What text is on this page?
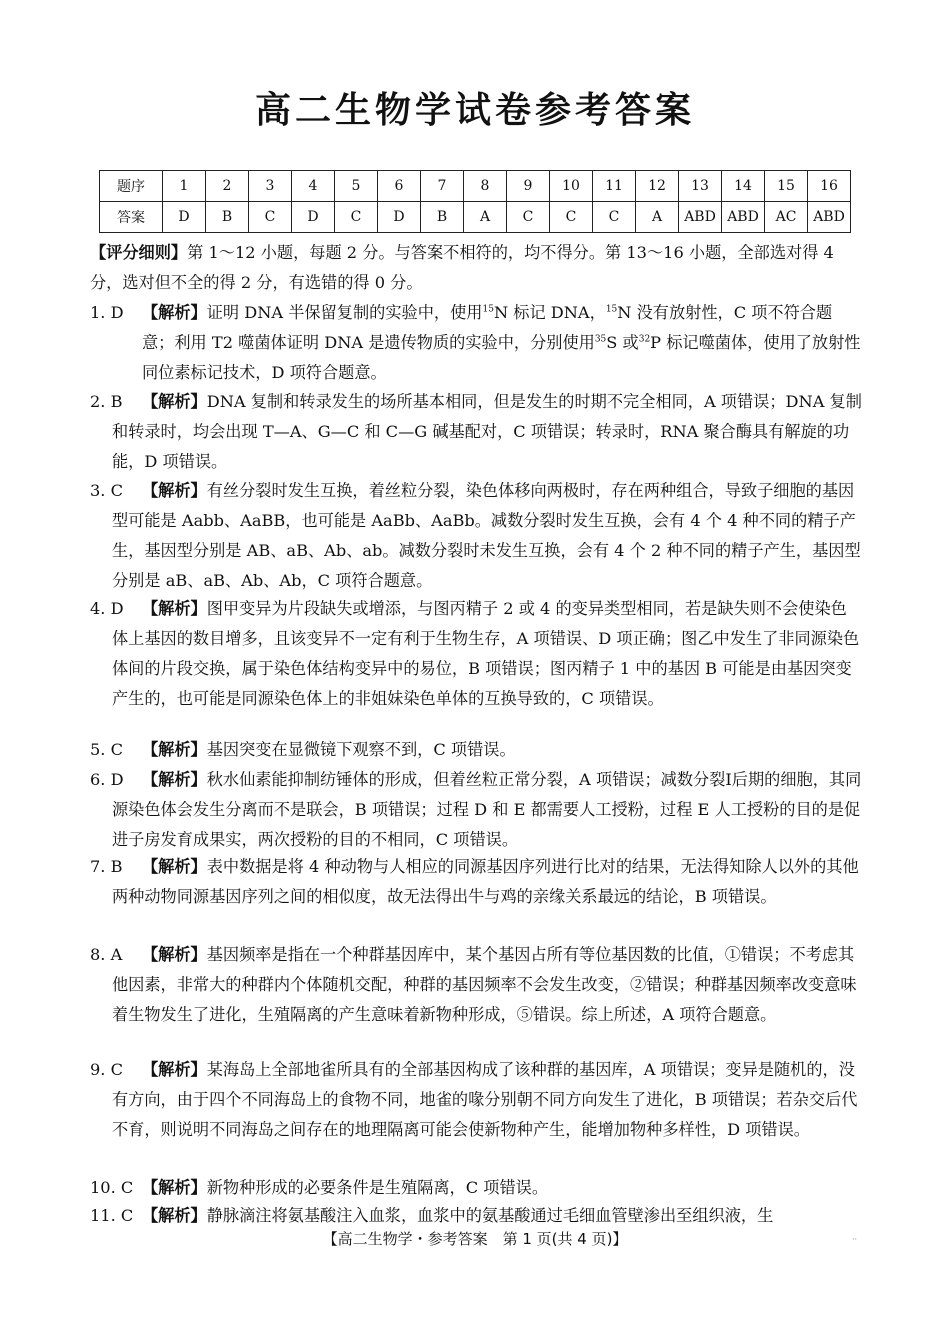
高二生物学试卷参考答案
题序	1	2	3	4	5	6	7	8	9	10	11	12	13	14	15	16
答案	D	B	C	D	C	D	B	A	C	C	C	A	ABD	ABD	AC	ABD
【评分细则】第 1～12 小题，每题 2 分。与答案不相符的，均不得分。第 13～16 小题，全部选对得 4 分，选对但不全的得 2 分，有选错的得 0 分。
1. D	【解析】证明 DNA 半保留复制的实验中，使用$^{15}$N 标记 DNA，$^{15}$N 没有放射性，C 项不符合题意；利用 T2 噬菌体证明 DNA 是遗传物质的实验中，分别使用$^{35}$S 或$^{32}$P 标记噬菌体，使用了放射性同位素标记技术，D 项符合题意。
2. B	【解析】DNA 复制和转录发生的场所基本相同，但是发生的时期不完全相同，A 项错误；DNA 复制和转录时，均会出现 T—A、G—C 和 C—G 碱基配对，C 项错误；转录时，RNA 聚合酶具有解旋的功能，D 项错误。
3. C	【解析】有丝分裂时发生互换，着丝粒分裂，染色体移向两极时，存在两种组合，导致子细胞的基因型可能是 Aabb、AaBB，也可能是 AaBb、AaBb。减数分裂时发生互换，会有 4 个 4 种不同的精子产生，基因型分别是 AB、aB、Ab、ab。减数分裂时未发生互换，会有 4 个 2 种不同的精子产生，基因型分别是 aB、aB、Ab、Ab，C 项符合题意。
4. D	【解析】图甲变异为片段缺失或增添，与图丙精子 2 或 4 的变异类型相同，若是缺失则不会使染色体上基因的数目增多，且该变异不一定有利于生物生存，A 项错误、D 项正确；图乙中发生了非同源染色体间的片段交换，属于染色体结构变异中的易位，B 项错误；图丙精子 1 中的基因 B 可能是由基因突变产生的，也可能是同源染色体上的非姐妹染色单体的互换导致的，C 项错误。
5. C	【解析】基因突变在显微镜下观察不到，C 项错误。
6. D	【解析】秋水仙素能抑制纺锤体的形成，但着丝粒正常分裂，A 项错误；减数分裂Ⅰ后期的细胞，其同源染色体会发生分离而不是联会，B 项错误；过程 D 和 E 都需要人工授粉，过程 E 人工授粉的目的是促进子房发育成果实，两次授粉的目的不相同，C 项错误。
7. B	【解析】表中数据是将 4 种动物与人相应的同源基因序列进行比对的结果，无法得知除人以外的其他两种动物同源基因序列之间的相似度，故无法得出牛与鸡的亲缘关系最远的结论，B 项错误。
8. A	【解析】基因频率是指在一个种群基因库中，某个基因占所有等位基因数的比值，①错误；不考虑其他因素，非常大的种群内个体随机交配，种群的基因频率不会发生改变，②错误；种群基因频率改变意味着生物发生了进化，生殖隔离的产生意味着新物种形成，⑤错误。综上所述，A 项符合题意。
9. C	【解析】某海岛上全部地雀所具有的全部基因构成了该种群的基因库，A 项错误；变异是随机的，没有方向，由于四个不同海岛上的食物不同，地雀的喙分别朝不同方向发生了进化，B 项错误；若杂交后代不育，则说明不同海岛之间存在的地理隔离可能会使新物种产生，能增加物种多样性，D 项错误。
10. C 【解析】新物种形成的必要条件是生殖隔离，C 项错误。
11. C 【解析】静脉滴注将氨基酸注入血浆，血浆中的氨基酸通过毛细血管壁渗出至组织液，生
【高二生物学・参考答案　第 1 页(共 4 页)】	··
